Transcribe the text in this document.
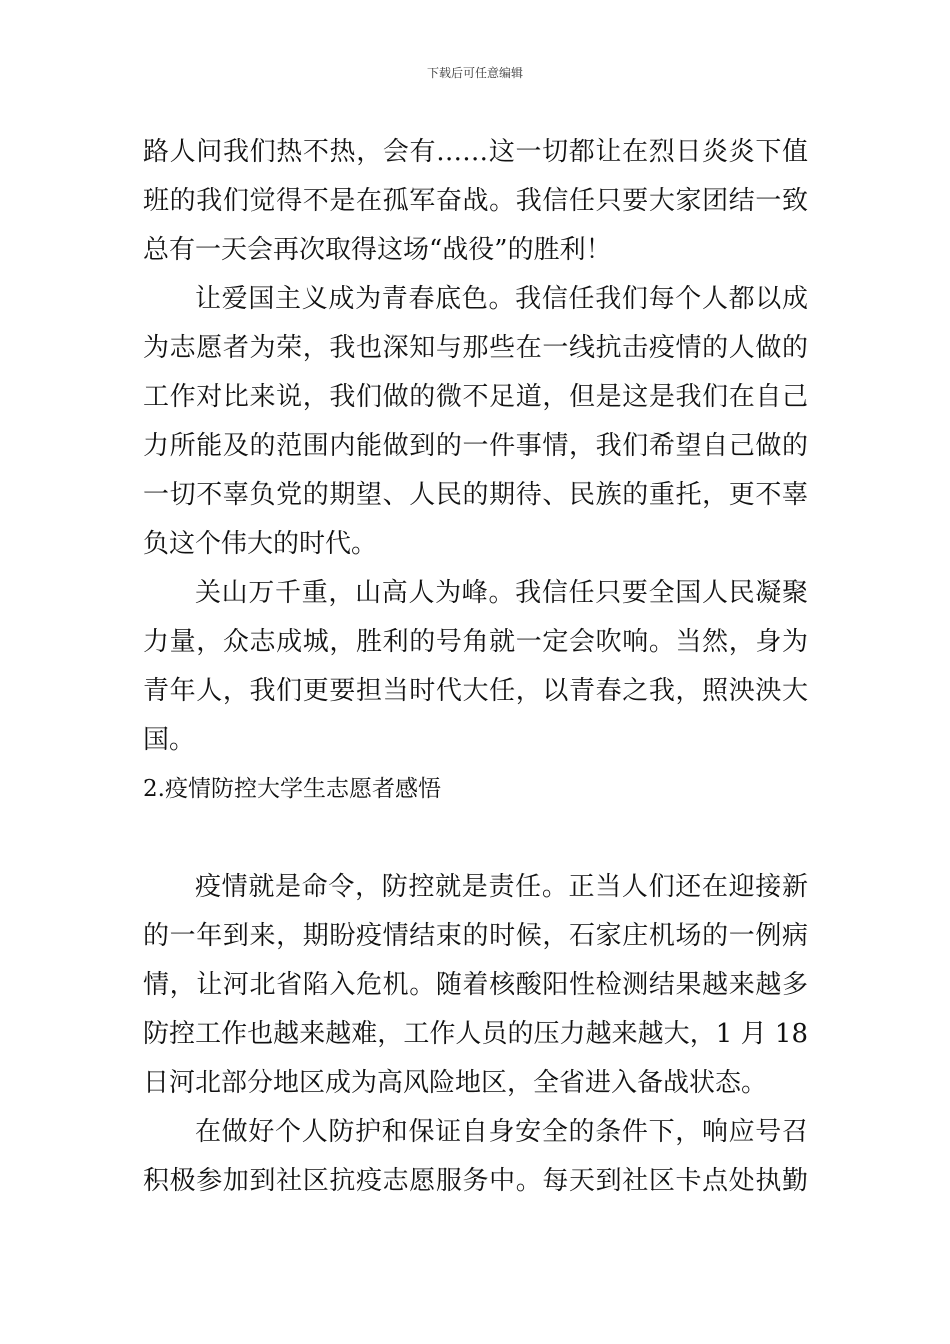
下载后可任意编辑
路人问我们热不热，会有……这一切都让在烈日炎炎下值
班的我们觉得不是在孤军奋战。我信任只要大家团结一致
总有一天会再次取得这场“战役”的胜利！
让爱国主义成为青春底色。我信任我们每个人都以成
为志愿者为荣，我也深知与那些在一线抗击疫情的人做的
工作对比来说，我们做的微不足道，但是这是我们在自己
力所能及的范围内能做到的一件事情，我们希望自己做的
一切不辜负党的期望、人民的期待、民族的重托，更不辜
负这个伟大的时代。
关山万千重，山高人为峰。我信任只要全国人民凝聚
力量，众志成城，胜利的号角就一定会吹响。当然，身为
青年人，我们更要担当时代大任，以青春之我，照泱泱大
国。
2.疫情防控大学生志愿者感悟
疫情就是命令，防控就是责任。正当人们还在迎接新
的一年到来，期盼疫情结束的时候，石家庄机场的一例病
情，让河北省陷入危机。随着核酸阳性检测结果越来越多
防控工作也越来越难，工作人员的压力越来越大，1 月 18
日河北部分地区成为高风险地区，全省进入备战状态。
在做好个人防护和保证自身安全的条件下，响应号召
积极参加到社区抗疫志愿服务中。每天到社区卡点处执勤
